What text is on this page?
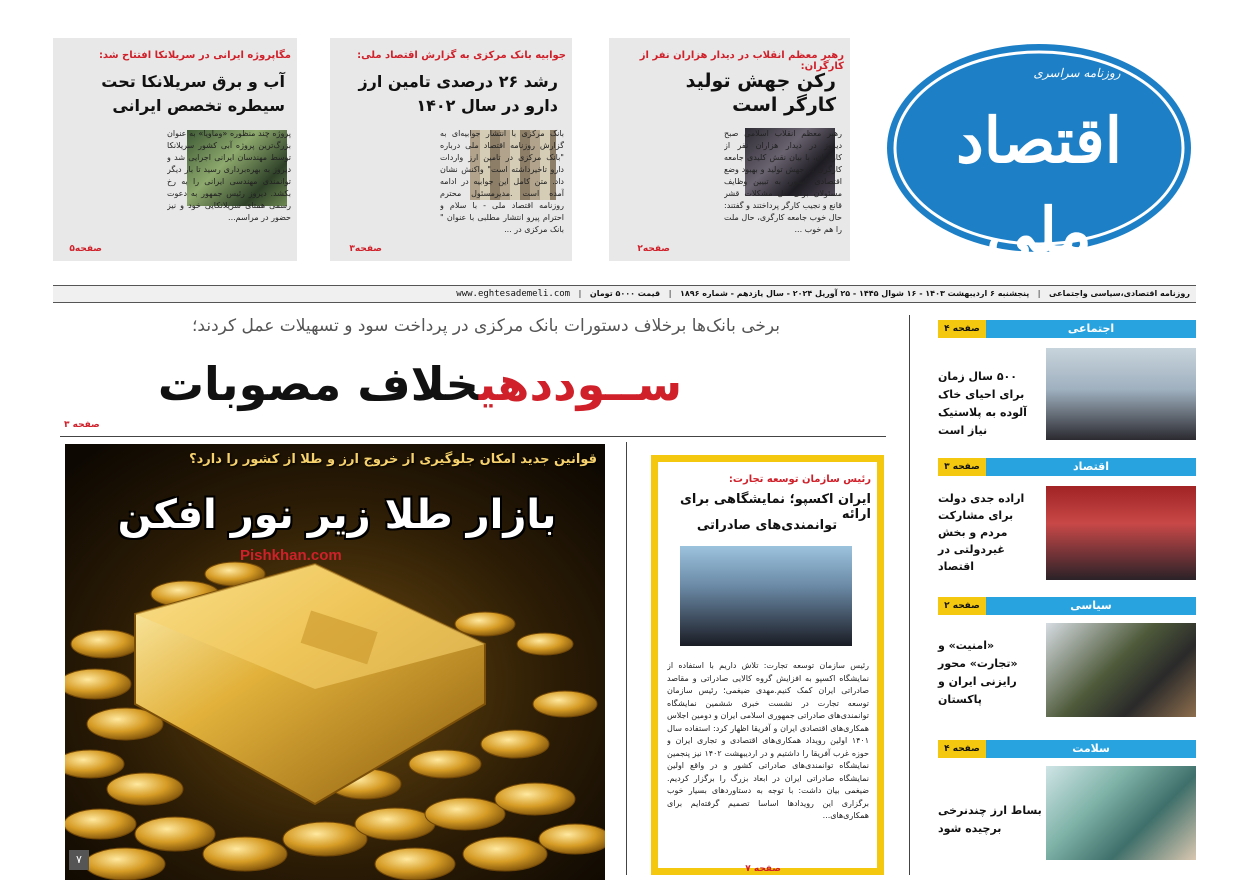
روزنامه سراسری
اقتصاد ملی
رهبر معظم انقلاب در دیدار هزاران نفر از کارگران:
رکن جهش تولید
کارگر است
رهبر معظم انقلاب اسلامی صبح دیروز در دیدار هزاران نفر از کارگران، با بیان نقش کلیدی جامعه کارگری در جهش تولید و بهبود وضع اقتصادی کشور، به تبیین وظایف مسئولان برای حل مشکلات قشر قانع و نجیب کارگر پرداختند و گفتند: حال خوب جامعه کارگری، حال ملت را هم خوب ...
صفحه۲
جوابیه بانک مرکزی به گزارش اقتصاد ملی:
رشد ۲۶ درصدی تامین ارز
دارو در سال ۱۴۰۲
بانک مرکزی با انتشار جوابیه‌ای به گزارش روزنامه اقتصاد ملی درباره "بانک مرکزی در تامین ارز واردات دارو تاخیرداشته است" واکنش نشان داد. متن کامل این جوابیه در ادامه آمده است .مدیرمسئول محترم روزنامه اقتصاد ملی - با سلام و احترام پیرو انتشار مطلبی با عنوان " بانک مرکزی در ...
صفحه۳
مگاپروژه ایرانی در سریلانکا افتتاح شد:
آب و برق سریلانکا تحت
سیطره تخصص ایرانی
پروژه چند منظوره «وماویا» به عنوان بزرگ‌ترین پروژه آبی کشور سریلانکا توسط مهندسان ایرانی اجرایی شد و دیروز به بهره‌برداری رسید تا بار دیگر توانمندی مهندسی ایرانی را به رخ بکشد. دیروز رئیس جمهور به دعوت رسمی همتای سریلانکایی خود و نیز حضور در مراسم...
صفحه۵
روزنامه اقتصادی،سیاسی واجتماعی | پنجشنبه ۶ اردیبهشت ۱۴۰۳ - ۱۶ شوال ۱۴۴۵ - ۲۵ آوریل ۲۰۲۴ - سال یازدهم - شماره ۱۸۹۶ | قیمت ۵۰۰۰ تومان | www.eghtesademeli.com
برخی بانک‌ها برخلاف دستورات بانک مرکزی در پرداخت سود و تسهیلات عمل کردند؛
ســوددهیخلاف مصوبات
صفحه ۳
قوانین جدید امکان جلوگیری از خروج ارز و طلا از کشور را دارد؟
بازار طلا زیر نور افکن
Pishkhan.com
۷
رئیس سازمان توسعه تجارت:
ایران اکسپو؛ نمایشگاهی برای ارائه
توانمندی‌های صادراتی
رئیس سازمان توسعه تجارت: تلاش داریم با استفاده از نمایشگاه اکسپو به افزایش گروه کالایی صادراتی و مقاصد صادراتی ایران کمک کنیم.مهدی ضیغمی؛ رئیس سازمان توسعه تجارت در نشست خبری ششمین نمایشگاه توانمندی‌های صادراتی جمهوری اسلامی ایران و دومین اجلاس همکاری‌های اقتصادی ایران و آفریقا اظهار کرد: استفاده سال ۱۴۰۱ اولین رویداد همکاری‌های اقتصادی و تجاری ایران و حوزه غرب آفریقا را داشتیم و در اردیبهشت ۱۴۰۲ نیز پنجمین نمایشگاه توانمندی‌های صادراتی کشور و در واقع اولین نمایشگاه صادراتی ایران در ابعاد بزرگ را برگزار کردیم. ضیغمی بیان داشت: با توجه به دستاوردهای بسیار خوب برگزاری این رویدادها اساسا تصمیم گرفته‌ایم برای همکاری‌های...
صفحه ۷
اجتماعی
صفحه ۴
۵۰۰ سال زمان برای احیای خاک آلوده به پلاستیک نیاز است
اقتصاد
صفحه ۳
اراده جدی دولت برای مشارکت مردم و بخش غیردولتی در اقتصاد
سیاسی
صفحه ۲
«امنیت» و «تجارت» محور رایزنی ایران و پاکستان
سلامت
صفحه ۴
بساط ارز چندنرخی برچیده شود
